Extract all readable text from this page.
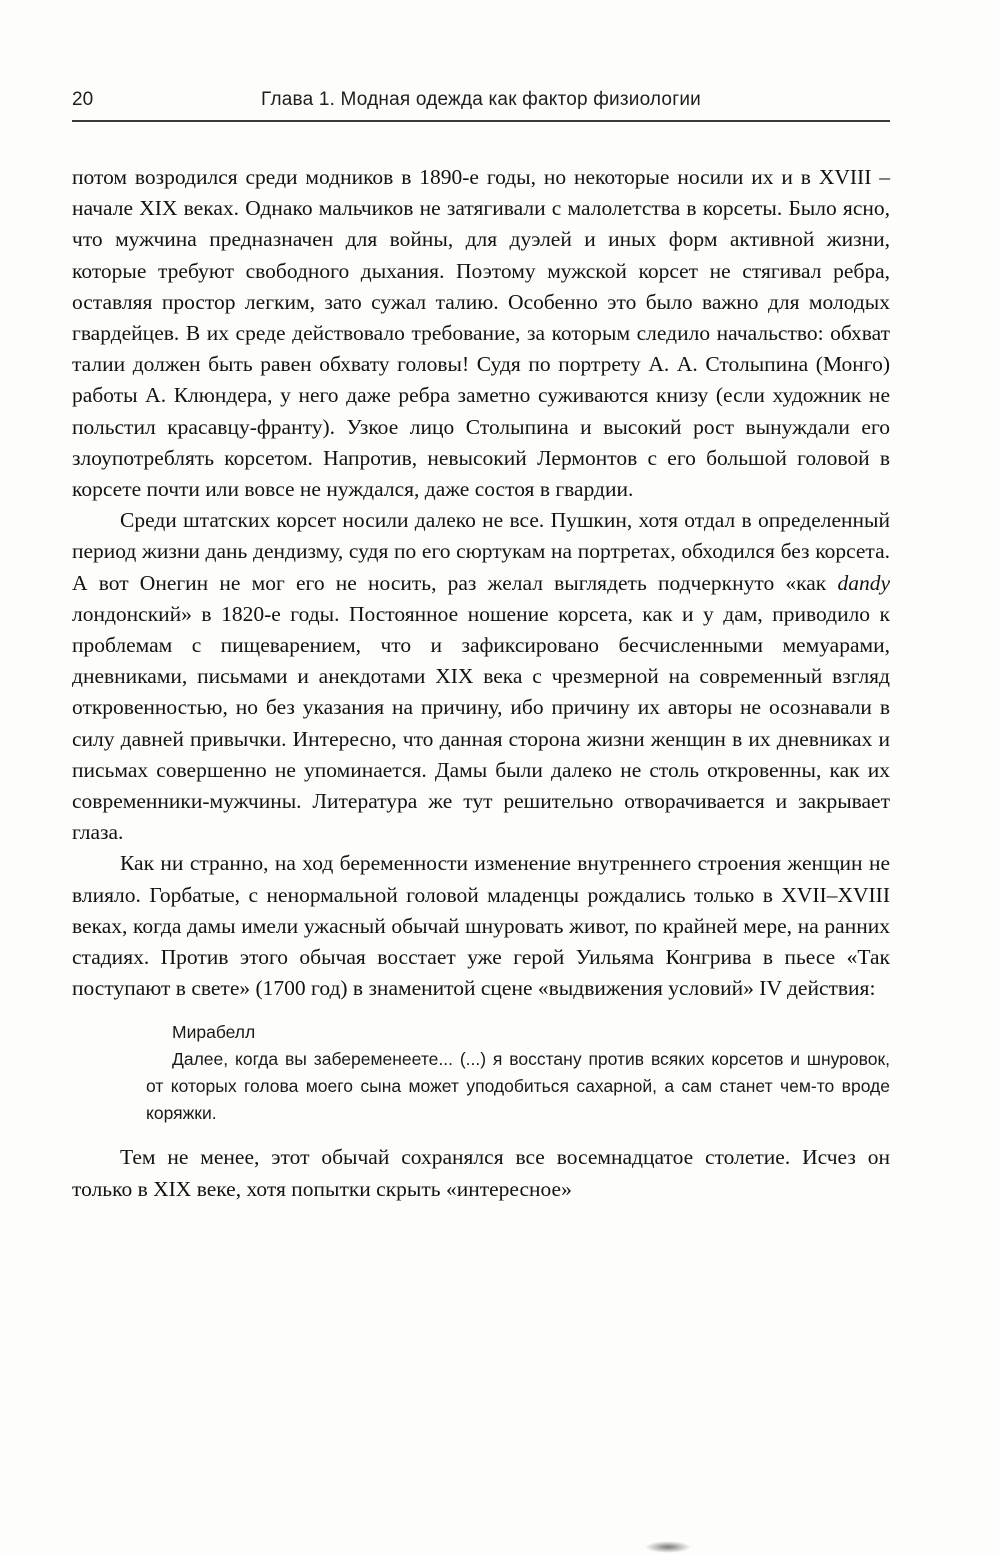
20	Глава 1. Модная одежда как фактор физиологии

потом возродился среди модников в 1890-е годы, но некоторые носили их и в XVIII – начале XIX веках. Однако мальчиков не затягивали с малолетства в корсеты. Было ясно, что мужчина предназначен для войны, для дуэлей и иных форм активной жизни, которые требуют свободного дыхания. Поэтому мужской корсет не стягивал ребра, оставляя простор легким, зато сужал талию. Особенно это было важно для молодых гвардейцев. В их среде действовало требование, за которым следило начальство: обхват талии должен быть равен обхвату головы! Судя по портрету А. А. Столыпина (Монго) работы А. Клюндера, у него даже ребра заметно суживаются книзу (если художник не польстил красавцу-франту). Узкое лицо Столыпина и высокий рост вынуждали его злоупотреблять корсетом. Напротив, невысокий Лермонтов с его большой головой в корсете почти или вовсе не нуждался, даже состоя в гвардии.

Среди штатских корсет носили далеко не все. Пушкин, хотя отдал в определенный период жизни дань дендизму, судя по его сюртукам на портретах, обходился без корсета. А вот Онегин не мог его не носить, раз желал выглядеть подчеркнуто «как dandy лондонский» в 1820-е годы. Постоянное ношение корсета, как и у дам, приводило к проблемам с пищеварением, что и зафиксировано бесчисленными мемуарами, дневниками, письмами и анекдотами XIX века с чрезмерной на современный взгляд откровенностью, но без указания на причину, ибо причину их авторы не осознавали в силу давней привычки. Интересно, что данная сторона жизни женщин в их дневниках и письмах совершенно не упоминается. Дамы были далеко не столь откровенны, как их современники-мужчины. Литература же тут решительно отворачивается и закрывает глаза.

Как ни странно, на ход беременности изменение внутреннего строения женщин не влияло. Горбатые, с ненормальной головой младенцы рождались только в XVII–XVIII веках, когда дамы имели ужасный обычай шнуровать живот, по крайней мере, на ранних стадиях. Против этого обычая восстает уже герой Уильяма Конгрива в пьесе «Так поступают в свете» (1700 год) в знаменитой сцене «выдвижения условий» IV действия:

Мирабелл

Далее, когда вы забеременеете... (...) я восстану против всяких корсетов и шнуровок, от которых голова моего сына может уподобиться сахарной, а сам станет чем-то вроде коряжки.

Тем не менее, этот обычай сохранялся все восемнадцатое столетие. Исчез он только в XIX веке, хотя попытки скрыть «интересное»
